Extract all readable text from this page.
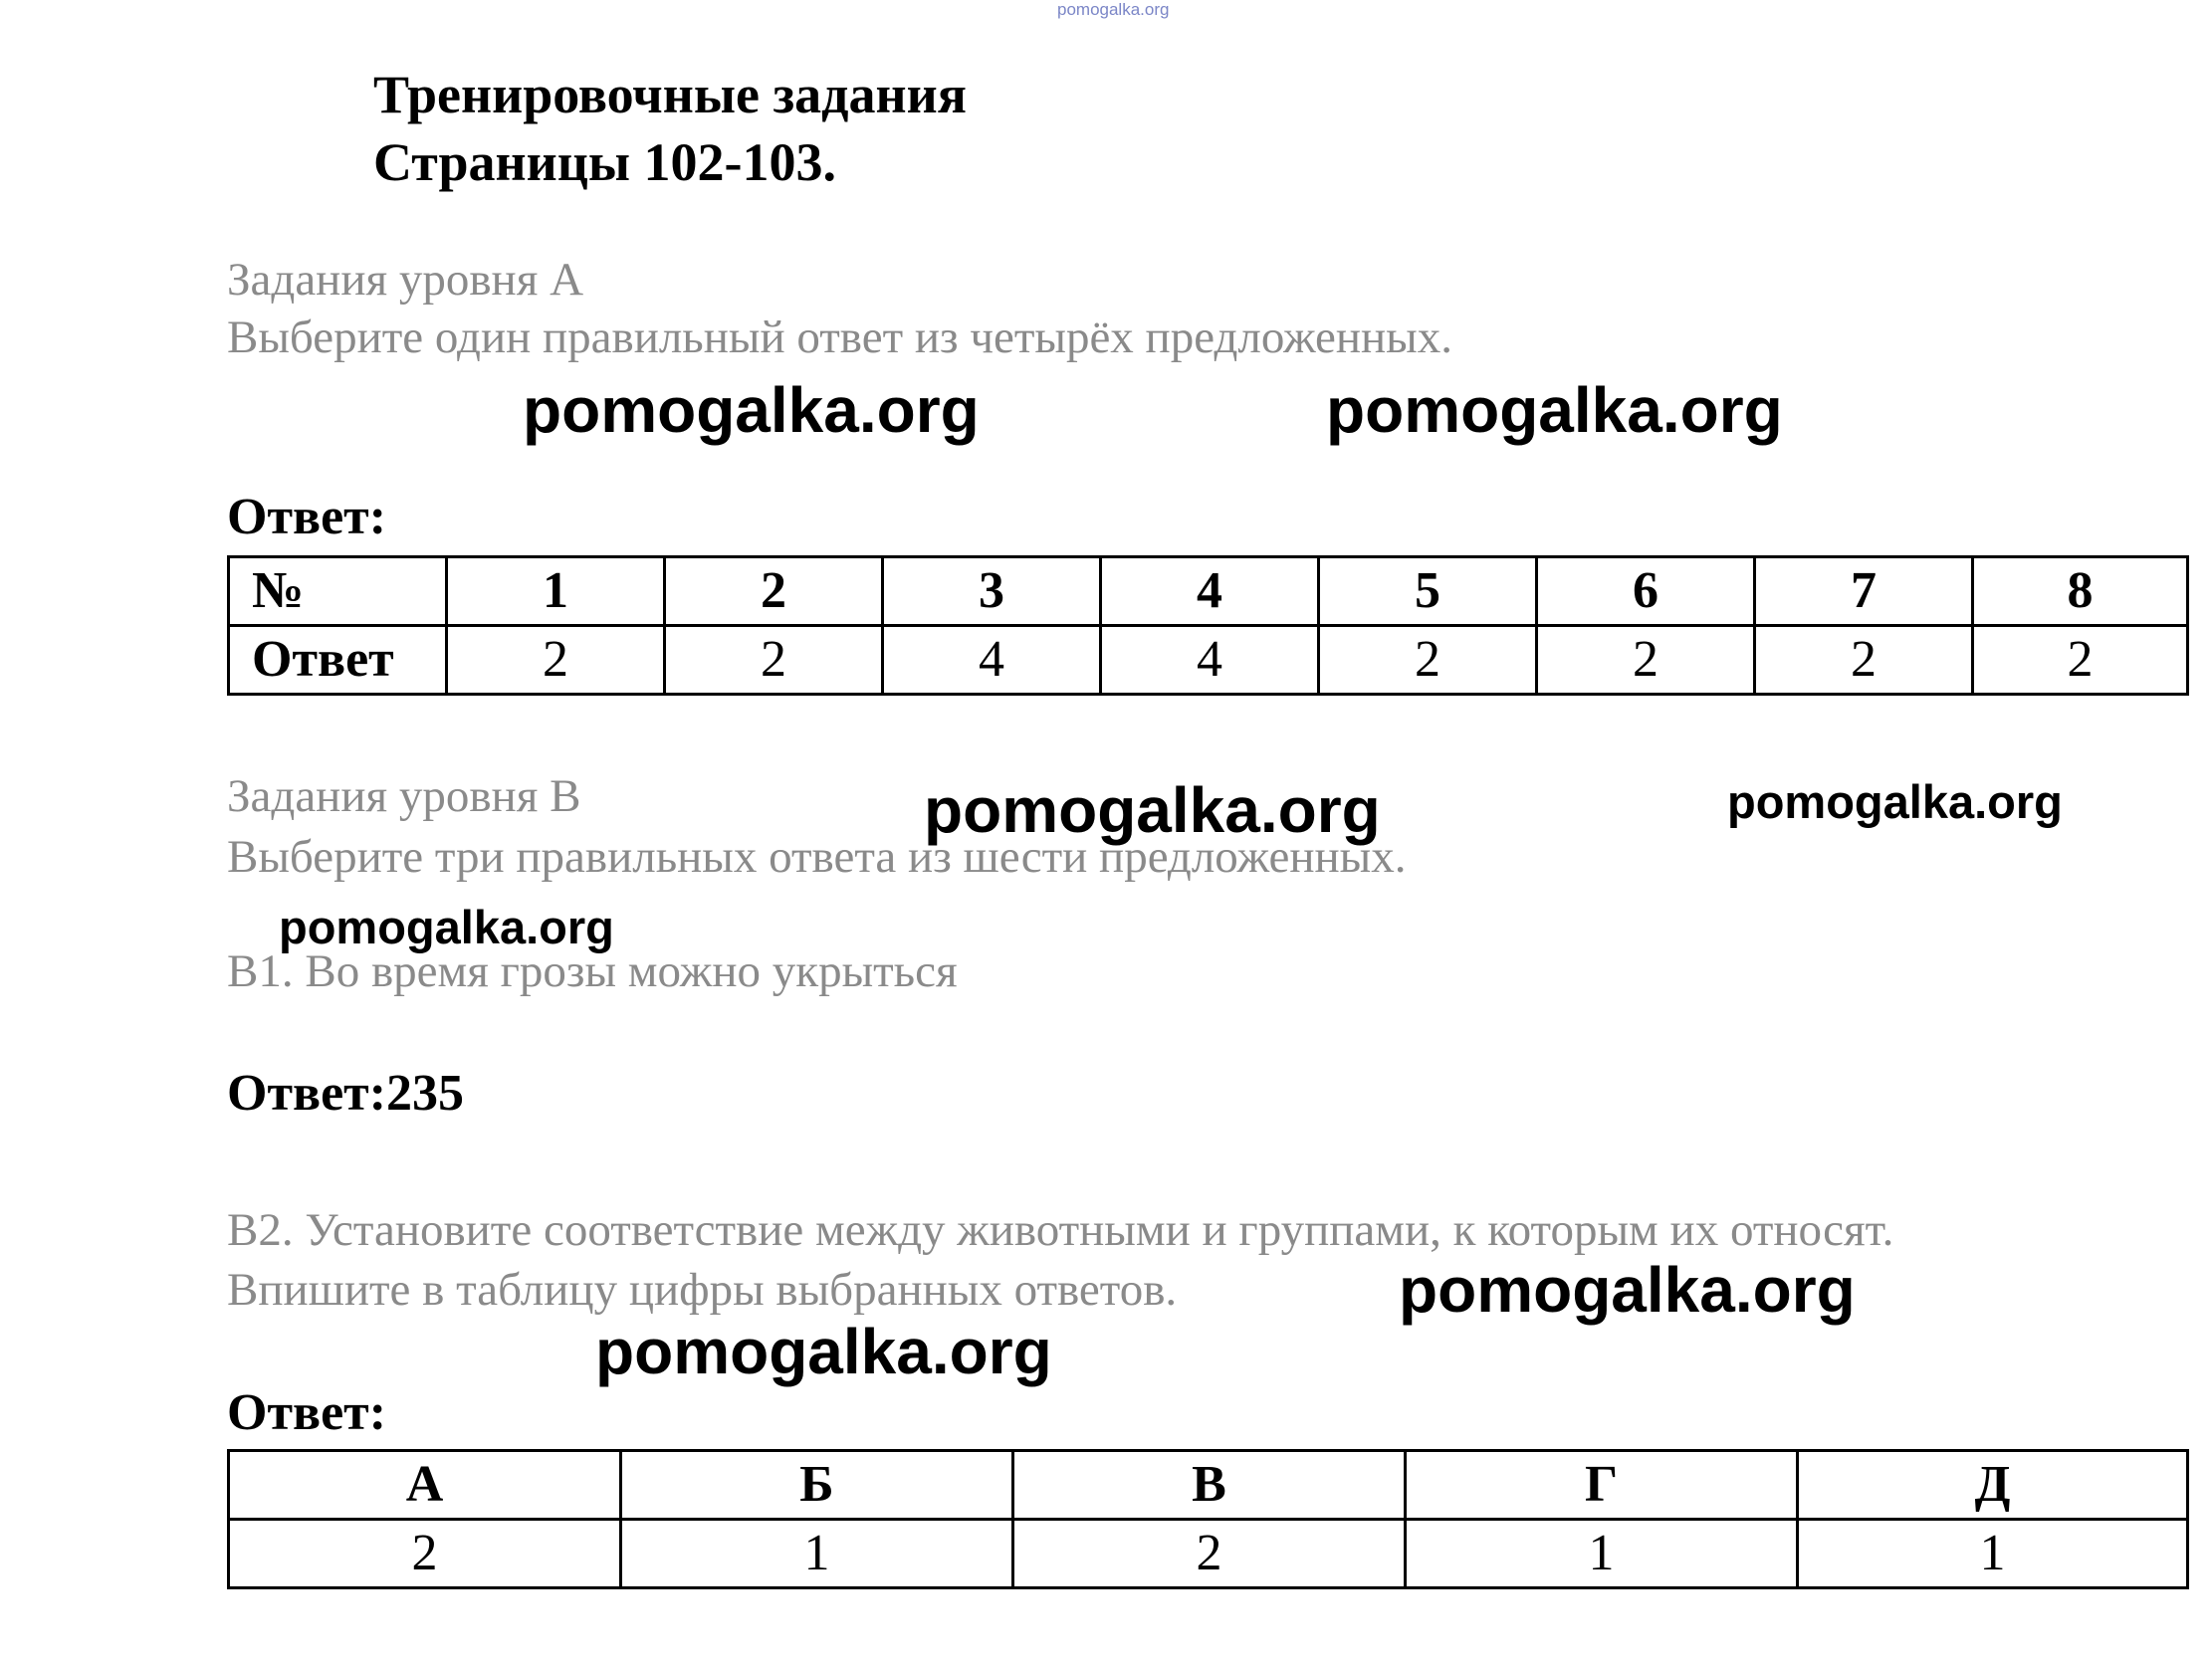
pomogalka.org
Тренировочные задания
Страницы 102-103.
Задания уровня А
Выберите один правильный ответ из четырёх предложенных.
pomogalka.org	pomogalka.org
Ответ:
№	1	2	3	4	5	6	7	8
Ответ	2	2	4	4	2	2	2	2
Задания уровня В
Выберите три правильных ответа из шести предложенных.
pomogalka.org	pomogalka.org
pomogalka.org
В1. Во время грозы можно укрыться
Ответ:235
В2. Установите соответствие между животными и группами, к которым их относят.
Впишите в таблицу цифры выбранных ответов.	pomogalka.org
pomogalka.org
Ответ:
А	Б	В	Г	Д
2	1	2	1	1
